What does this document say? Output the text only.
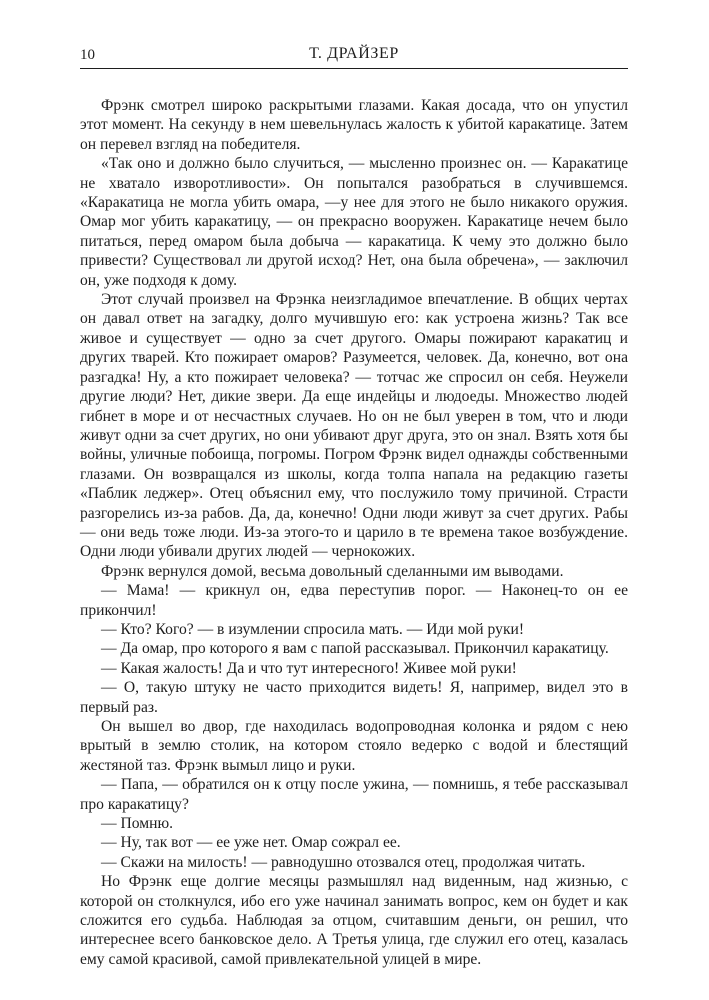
10	Т. ДРАЙЗЕР

Фрэнк смотрел широко раскрытыми глазами. Какая досада, что он упустил этот момент. На секунду в нем шевельнулась жалость к убитой каракатице. Затем он перевел взгляд на победителя.

«Так оно и должно было случиться, — мысленно произнес он. — Каракатице не хватало изворотливости». Он попытался разобраться в случившемся. «Каракатица не могла убить омара, —у нее для этого не было никакого оружия. Омар мог убить каракатицу, — он прекрасно вооружен. Каракатице нечем было питаться, перед омаром была добыча — каракатица. К чему это должно было привести? Существовал ли другой исход? Нет, она была обречена», — заключил он, уже подходя к дому.

Этот случай произвел на Фрэнка неизгладимое впечатление. В общих чертах он давал ответ на загадку, долго мучившую его: как устроена жизнь? Так все живое и существует — одно за счет другого. Омары пожирают каракатиц и других тварей. Кто пожирает омаров? Разумеется, человек. Да, конечно, вот она разгадка! Ну, а кто пожирает человека? — тотчас же спросил он себя. Неужели другие люди? Нет, дикие звери. Да еще индейцы и людоеды. Множество людей гибнет в море и от несчастных случаев. Но он не был уверен в том, что и люди живут одни за счет других, но они убивают друг друга, это он знал. Взять хотя бы войны, уличные побоища, погромы. Погром Фрэнк видел однажды собственными глазами. Он возвращался из школы, когда толпа напала на редакцию газеты «Паблик леджер». Отец объяснил ему, что послужило тому причиной. Страсти разгорелись из-за рабов. Да, да, конечно! Одни люди живут за счет других. Рабы — они ведь тоже люди. Из-за этого-то и царило в те времена такое возбуждение. Одни люди убивали других людей — чернокожих.

Фрэнк вернулся домой, весьма довольный сделанными им выводами.

— Мама! — крикнул он, едва переступив порог. — Наконец-то он ее прикончил!

— Кто? Кого? — в изумлении спросила мать. — Иди мой руки!

— Да омар, про которого я вам с папой рассказывал. Прикончил каракатицу.

— Какая жалость! Да и что тут интересного! Живее мой руки!

— О, такую штуку не часто приходится видеть! Я, например, видел это в первый раз.

Он вышел во двор, где находилась водопроводная колонка и рядом с нею врытый в землю столик, на котором стояло ведерко с водой и блестящий жестяной таз. Фрэнк вымыл лицо и руки.

— Папа, — обратился он к отцу после ужина, — помнишь, я тебе рассказывал про каракатицу?

— Помню.

— Ну, так вот — ее уже нет. Омар сожрал ее.

— Скажи на милость! — равнодушно отозвался отец, продолжая читать.

Но Фрэнк еще долгие месяцы размышлял над виденным, над жизнью, с которой он столкнулся, ибо его уже начинал занимать вопрос, кем он будет и как сложится его судьба. Наблюдая за отцом, считавшим деньги, он решил, что интереснее всего банковское дело. А Третья улица, где служил его отец, казалась ему самой красивой, самой привлекательной улицей в мире.
